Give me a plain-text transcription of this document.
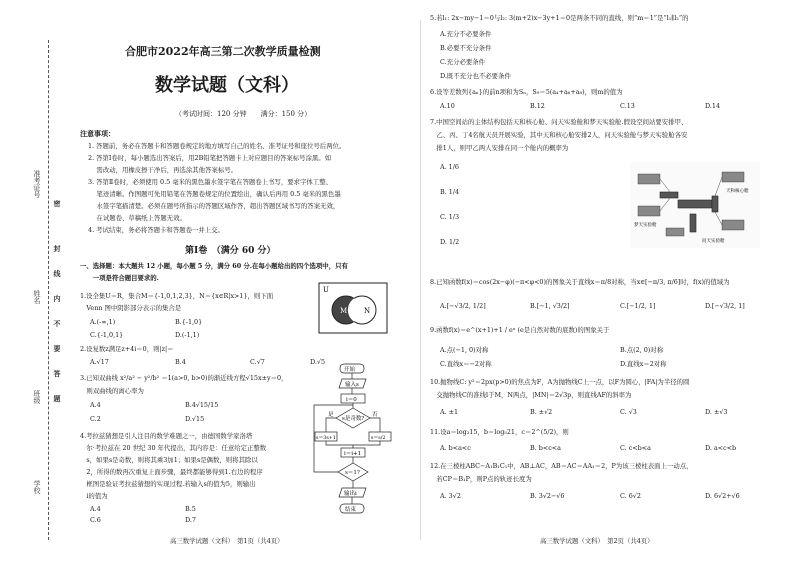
准考证号
姓名
班级
学校
密
封
线
内
不
要
答
题
合肥市2022年高三第二次教学质量检测
数学试题（文科）
（考试时间：120 分钟　　满分：150 分）
注意事项：
1. 答题前，务必在答题卡和答题卷规定的地方填写自己的姓名、准考证号和座位号后两位。
2. 答第Ⅰ卷时，每小题选出答案后，用2B铅笔把答题卡上对应题目的答案标号涂黑。如
　 需改动，用橡皮擦干净后，再选涂其他答案标号。
3. 答第Ⅱ卷时，必须使用 0.5 毫米的黑色墨水签字笔在答题卷上书写，要求字体工整、
　 笔迹清晰。作图题可先用铅笔在答题卷规定的位置绘出，确认后再用 0.5 毫米的黑色墨
　 水签字笔描清楚。必须在题号所指示的答题区域作答，超出答题区域书写的答案无效，
　 在试题卷、草稿纸上答题无效。
4. 考试结束，务必将答题卡和答题卷一并上交。
第Ⅰ卷　（满分 60 分）
一、选择题：本大题共 12 小题，每小题 5 分，满分 60 分.在每小题给出的四个选项中，只有
　　一项是符合题目要求的.
1.设全集U＝R，集合M＝{-1,0,1,2,3}，N＝{x∈R|x>1}，则下面
　Venn 图中阴影部分表示的集合是
A.(-∞,1)	B.{-1,0}
C.{-1,0,1}	D.(-1,1)
U
M N
2.设复数z满足z+4i＝0，则|z|＝
A.√17	B.4	C.√7	D.√5
3.已知双曲线 x²/a² − y²/b² ＝1(a>0, b>0)的渐近线方程√15x±y＝0，
　则双曲线的离心率为
A.4	B.4√15/15
C.2	D.√15
4.考拉兹猜想是引人注目的数学难题之一，由德国数学家洛塔
　尔·考拉兹在 20 世纪 30 年代提出，其内容是：任意给定正整数
　s，如果s是奇数，则将其乘3加1；如果s是偶数，则将其除以
　2，所得的数再次重复上面步骤，最终都能够得到1.右边的程序
　框图是验证考拉兹猜想的实现过程.若输入s的值为5，则输出
　i的值为
A.4	B.5
C.6	D.7
开始
输入s
i＝0
s是奇数?
是	否
s＝3s+1	s＝s/2
i＝i+1
s＝1?
输出i
结束
高三数学试题（文科）　第1页（共4页）
5.若l₁: 2x−my−1＝0与l₂: 3(m+2)x−3y+1＝0是两条不同的直线，则“m＝1”是“l₁∥l₂”的
A.充分不必要条件
B.必要不充分条件
C.充分必要条件
D.既不充分也不必要条件
6.设等差数列{aₙ}的前n项和为Sₙ，S₉＝5(a₄+a₆+a₈)，则m的值为
A.10	B.12	C.13	D.14
7.中国空间站的主体结构包括天和核心舱、问天实验舱和梦天实验舱.假设空间站要安排甲、
　乙、丙、丁4名航天员开展实验，其中天和核心舱安排2人，问天实验舱与梦天实验舱各安
　排1人，则甲乙两人安排在同一个舱内的概率为
A. 1/6
B. 1/4
C. 1/3
D. 1/2
天和核心舱
问天实验舱
梦天实验舱
8.已知函数f(x)＝cos(2x−φ)(−π<φ<0)的图象关于直线x＝π/8对称，当x∈[−π/3, π/6]时，f(x)的值域为
A.[−√3/2, 1/2]	B.[−1, √3/2]	C.[−1/2, 1]	D.[−√3/2, 1]
9.函数f(x)＝e^(x+1)+1 / eˣ (e是自然对数的底数)的图象关于
A.点(−1, 0)对称	B.点(2, 0)对称
C.直线x＝−2对称	D.直线x＝2对称
10.抛物线C: y²＝2px(p>0)的焦点为F，A为抛物线C上一点，以F为圆心，|FA|为半径的圆
　交抛物线C的准线l于M，N两点，|MN|＝2√3p，则直线AF的斜率为
A. ±1	B. ±√2	C. √3	D. ±√3
11.设a＝log₃15，b＝log₅21，c＝2^(5/2)，则
A. b<a<c	B. b<c<a	C. c<b<a	D. a<c<b
12.在三棱柱ABC−A₁B₁C₁中，AB⊥AC，AB＝AC＝AA₁＝2，P为该三棱柱表面上一动点，
　若CP＝B₁P，则P点的轨迹长度为
A. 3√2	B. 3√2−√6	C. 6√2	D. 6√2+√6
高三数学试题（文科）　第2页（共4页）
